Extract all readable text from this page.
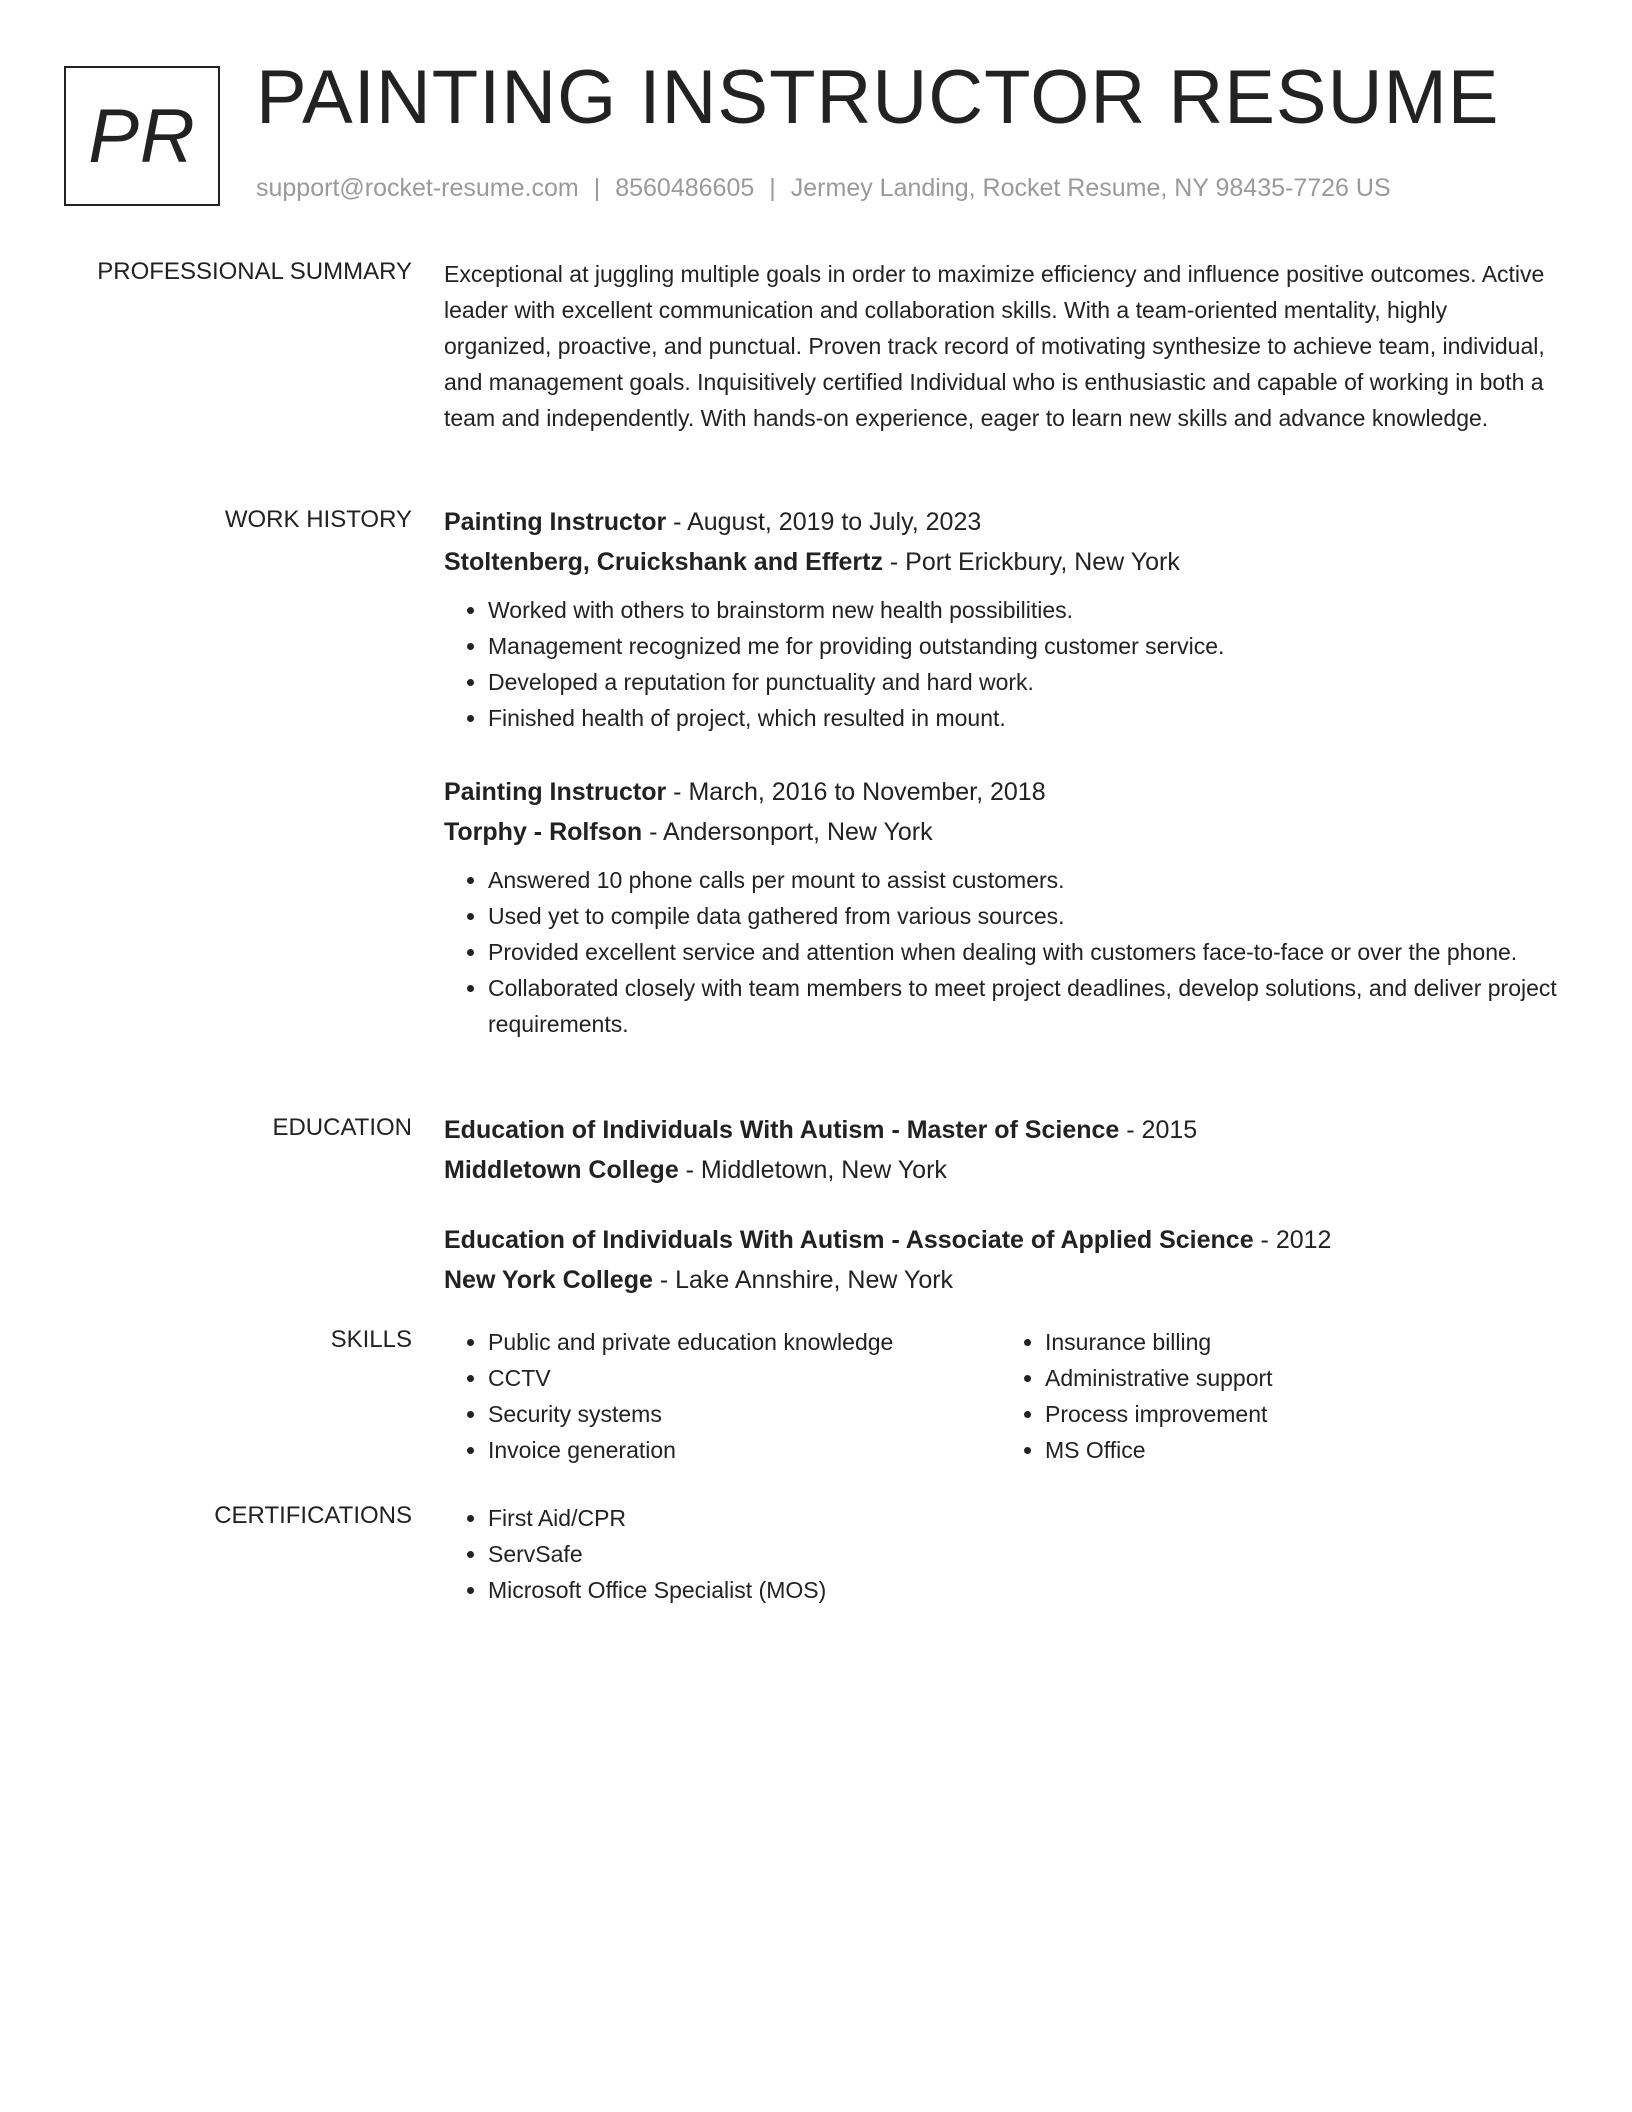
PR PAINTING INSTRUCTOR RESUME
support@rocket-resume.com | 8560486605 | Jermey Landing, Rocket Resume, NY 98435-7726 US
PROFESSIONAL SUMMARY Exceptional at juggling multiple goals in order to maximize efficiency and influence positive outcomes. Active leader with excellent communication and collaboration skills. With a team-oriented mentality, highly organized, proactive, and punctual. Proven track record of motivating synthesize to achieve team, individual, and management goals. Inquisitively certified Individual who is enthusiastic and capable of working in both a team and independently. With hands-on experience, eager to learn new skills and advance knowledge.

WORK HISTORY Painting Instructor - August, 2019 to July, 2023

Stoltenberg, Cruickshank and Effertz - Port Erickbury, New York

• Worked with others to brainstorm new health possibilities.
• Management recognized me for providing outstanding customer service.
• Developed a reputation for punctuality and hard work.
• Finished health of project, which resulted in mount.

Painting Instructor - March, 2016 to November, 2018

Torphy - Rolfson - Andersonport, New York

• Answered 10 phone calls per mount to assist customers.
• Used yet to compile data gathered from various sources.
• Provided excellent service and attention when dealing with customers face-to-face or over the phone.
• Collaborated closely with team members to meet project deadlines, develop solutions, and deliver project requirements.
EDUCATION Education of Individuals With Autism - Master of Science - 2015

Middletown College - Middletown, New York

Education of Individuals With Autism - Associate of Applied Science - 2012

New York College - Lake Annshire, New York

SKILLS	• Public and private education knowledge
• CCTV
• Security systems
• Invoice generation
• Insurance billing
• Administrative support
• Process improvement
• MS Office
CERTIFICATIONS	• First Aid/CPR
• ServSafe
• Microsoft Office Specialist (MOS)
